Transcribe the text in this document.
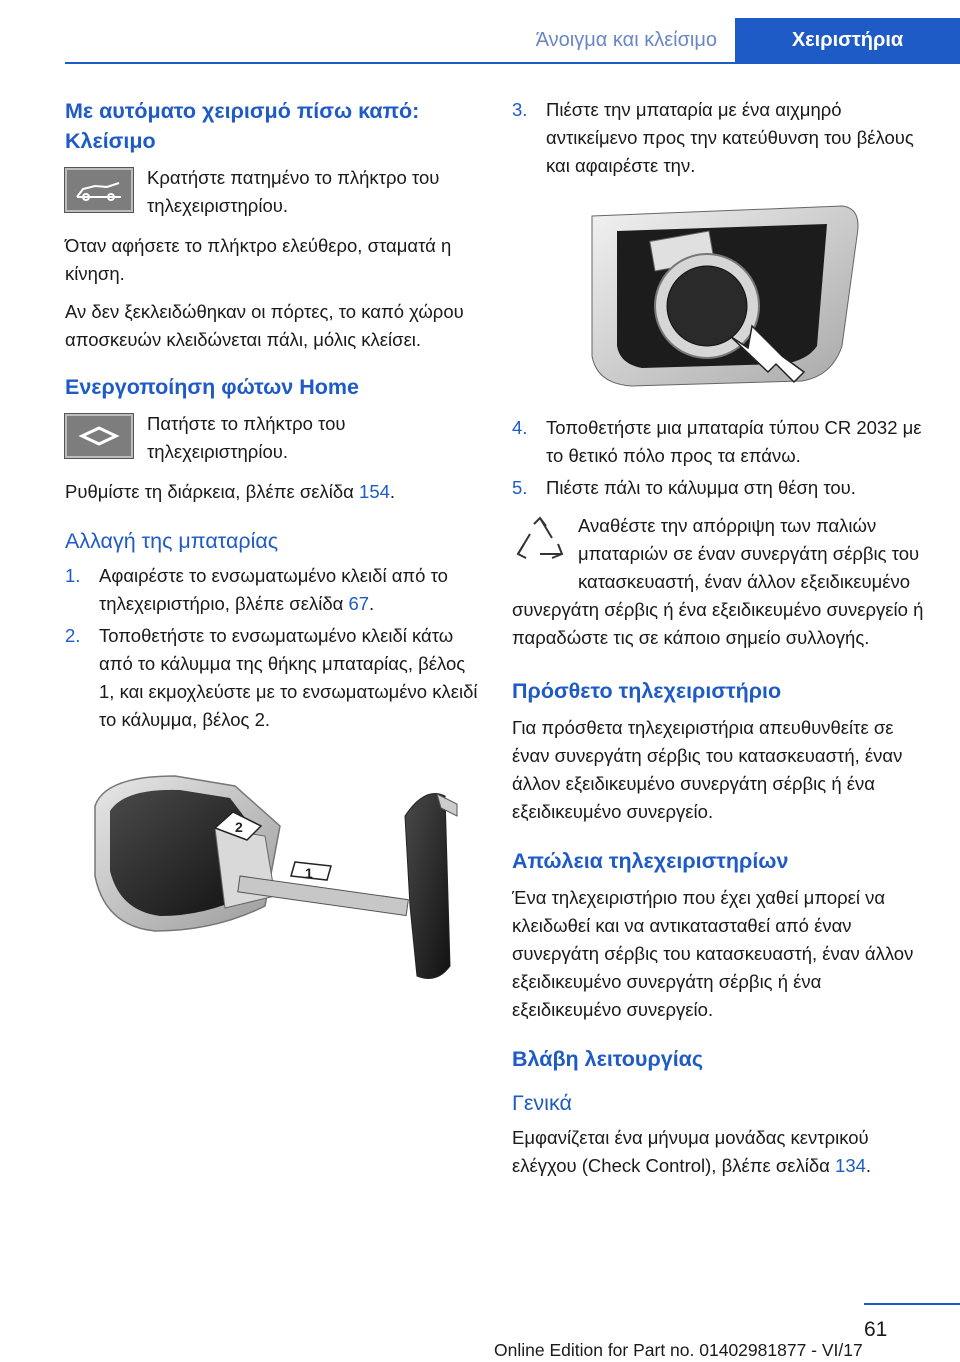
Άνοιγμα και κλείσιμο	Χειριστήρια
Με αυτόματο χειρισμό πίσω καπό: Κλείσιμο
Κρατήστε πατημένο το πλήκτρο του τηλεχειριστηρίου.

Όταν αφήσετε το πλήκτρο ελεύθερο, σταματά η κίνηση.

Αν δεν ξεκλειδώθηκαν οι πόρτες, το καπό χώρου αποσκευών κλειδώνεται πάλι, μόλις κλείσει.

Ενεργοποίηση φώτων Home
Πατήστε το πλήκτρο του τηλεχειριστηρίου.

Ρυθμίστε τη διάρκεια, βλέπε σελίδα 154.

Αλλαγή της μπαταρίας
1. Αφαιρέστε το ενσωματωμένο κλειδί από το τηλεχειριστήριο, βλέπε σελίδα 67.
2. Τοποθετήστε το ενσωματωμένο κλειδί κάτω από το κάλυμμα της θήκης μπαταρίας, βέλος 1, και εκμοχλεύστε με το ενσωματωμένο κλειδί το κάλυμμα, βέλος 2.
2
1
3. Πιέστε την μπαταρία με ένα αιχμηρό αντικείμενο προς την κατεύθυνση του βέλους και αφαιρέστε την.
4. Τοποθετήστε μια μπαταρία τύπου CR 2032 με το θετικό πόλο προς τα επάνω.
5. Πιέστε πάλι το κάλυμμα στη θέση του.
Αναθέστε την απόρριψη των παλιών μπαταριών σε έναν συνεργάτη σέρβις του κατασκευαστή, έναν άλλον εξειδικευμένο συνεργάτη σέρβις ή ένα εξειδικευμένο συνεργείο ή παραδώστε τις σε κάποιο σημείο συλλογής.
Πρόσθετο τηλεχειριστήριο

Για πρόσθετα τηλεχειριστήρια απευθυνθείτε σε έναν συνεργάτη σέρβις του κατασκευαστή, έναν άλλον εξειδικευμένο συνεργάτη σέρβις ή ένα εξειδικευμένο συνεργείο.

Απώλεια τηλεχειριστηρίων

Ένα τηλεχειριστήριο που έχει χαθεί μπορεί να κλειδωθεί και να αντικατασταθεί από έναν συνεργάτη σέρβις του κατασκευαστή, έναν άλλον εξειδικευμένο συνεργάτη σέρβις ή ένα εξειδικευμένο συνεργείο.

Βλάβη λειτουργίας
Γενικά

Εμφανίζεται ένα μήνυμα μονάδας κεντρικού ελέγχου (Check Control), βλέπε σελίδα 134.

61
Online Edition for Part no. 01402981877 - VI/17
